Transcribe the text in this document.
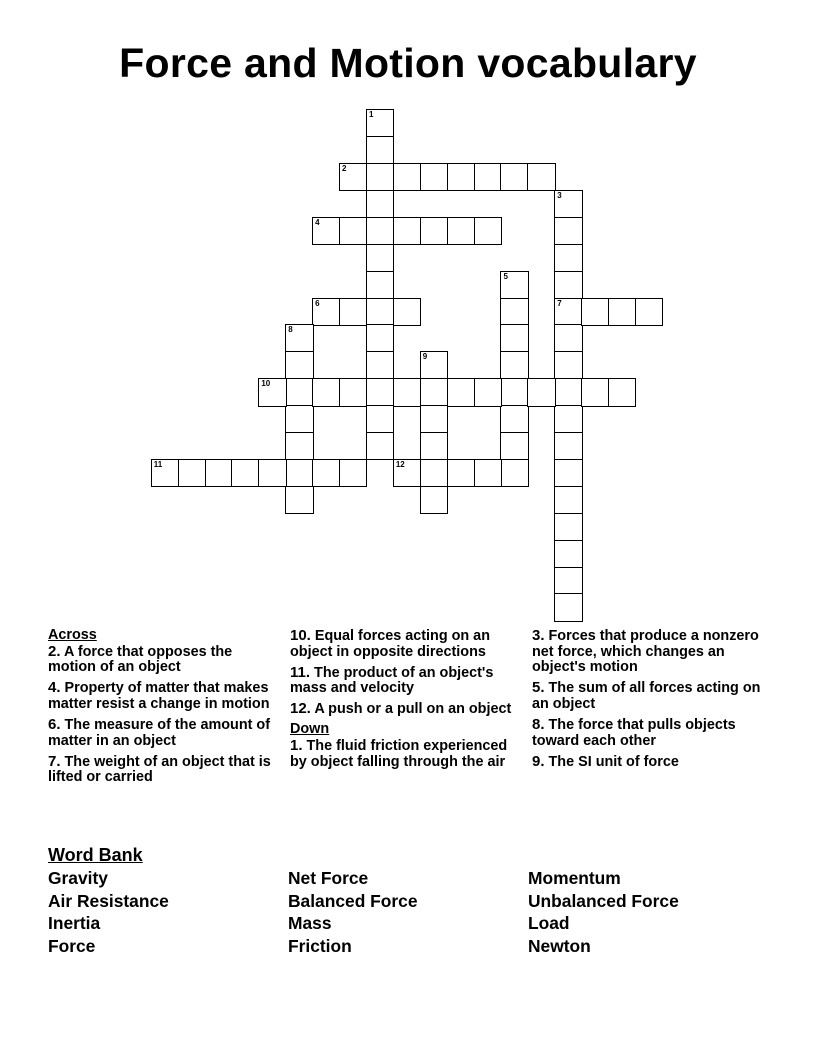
Force and Motion vocabulary
1
2
3
7
4
5
6
8
9
10
11	12
Across
2. A force that opposes the motion of an object
4. Property of matter that makes matter resist a change in motion
6. The measure of the amount of matter in an object
7. The weight of an object that is lifted or carried
10. Equal forces acting on an object in opposite directions
11. The product of an object's mass and velocity
12. A push or a pull on an object
Down
1. The fluid friction experienced by object falling through the air
3. Forces that produce a nonzero net force, which changes an object's motion
5. The sum of all forces acting on an object
8. The force that pulls objects toward each other
9. The SI unit of force
Word Bank
Gravity
Air Resistance
Inertia
Force
Net Force
Balanced Force
Mass
Friction
Momentum
Unbalanced Force
Load
Newton
